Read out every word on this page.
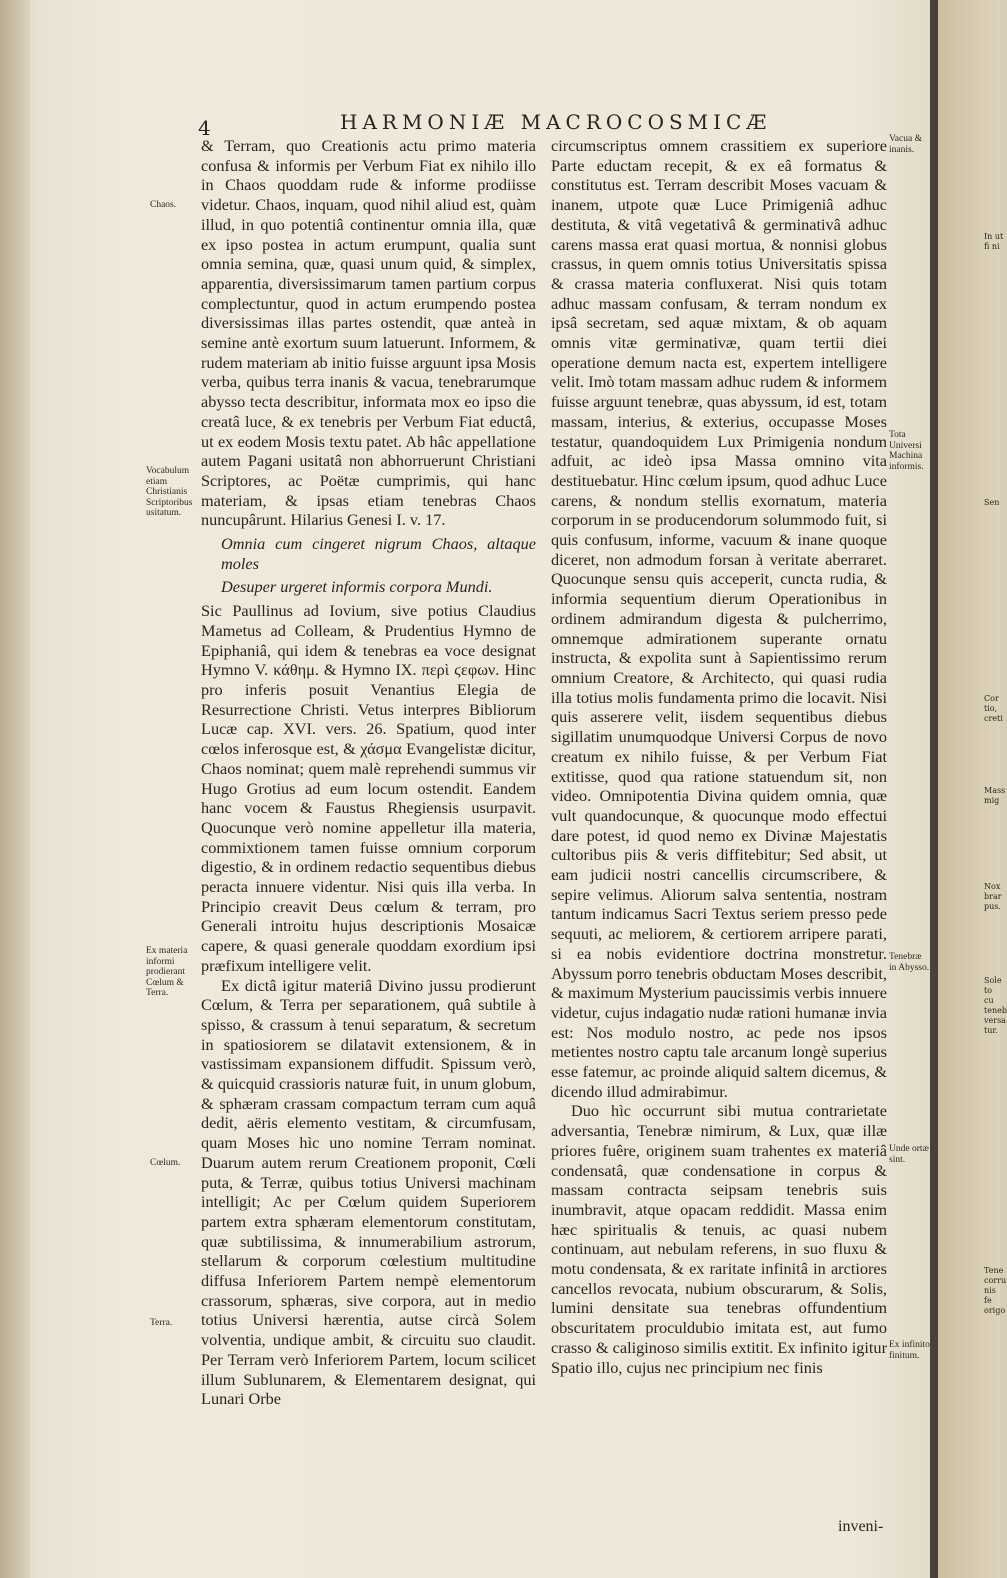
4	HARMONIÆ MACROCOSMICÆ
Chaos.
Vocabulum etiam Christianis Scriptoribus usitatum.
Ex materia informi prodierant Cœlum & Terra.
Cœlum.
Terra.
Vacua & inanis.
Tota Universi Machina informis.
Tenebræ in Abysso.
Unde ortæ sint.
Ex infinito finitum.

& Terram, quo Creationis actu primo materia confusa & informis per Verbum Fiat ex nihilo illo in Chaos quoddam rude & informe prodiisse videtur. Chaos, inquam, quod nihil aliud est, quàm illud, in quo potentiâ continentur omnia illa, quæ ex ipso postea in actum erumpunt, qualia sunt omnia semina, quæ, quasi unum quid, & simplex, apparentia, diversissimarum tamen partium corpus complectuntur, quod in actum erumpendo postea diversissimas illas partes ostendit, quæ anteà in semine antè exortum suum latuerunt. Informem, & rudem materiam ab initio fuisse arguunt ipsa Mosis verba, quibus terra inanis & vacua, tenebrarumque abysso tecta describitur, informata mox eo ipso die creatâ luce, & ex tenebris per Verbum Fiat eductâ, ut ex eodem Mosis textu patet. Ab hâc appellatione autem Pagani usitatâ non abhorruerunt Christiani Scriptores, ac Poëtæ cumprimis, qui hanc materiam, & ipsas etiam tenebras Chaos nuncupârunt. Hilarius Genesi I. v. 17.

Omnia cum cingeret nigrum Chaos, altaque moles

Desuper urgeret informis corpora Mundi.

Sic Paullinus ad Iovium, sive potius Claudius Mametus ad Colleam, & Prudentius Hymno de Epiphaniâ, qui idem & tenebras ea voce designat Hymno V. κάθημ. & Hymno IX. περὶ ϛεφων. Hinc pro inferis posuit Venantius Elegia de Resurrectione Christi. Vetus interpres Bibliorum Lucæ cap. XVI. vers. 26. Spatium, quod inter cœlos inferosque est, & χάσμα Evangelistæ dicitur, Chaos nominat; quem malè reprehendi summus vir Hugo Grotius ad eum locum ostendit. Eandem hanc vocem & Faustus Rhegiensis usurpavit. Quocunque verò nomine appelletur illa materia, commixtionem tamen fuisse omnium corporum digestio, & in ordinem redactio sequentibus diebus peracta innuere videntur. Nisi quis illa verba. In Principio creavit Deus cœlum & terram, pro Generali introitu hujus descriptionis Mosaicæ capere, & quasi generale quoddam exordium ipsi præfixum intelligere velit.

Ex dictâ igitur materiâ Divino jussu prodierunt Cœlum, & Terra per separationem, quâ subtile à spisso, & crassum à tenui separatum, & secretum in spatiosiorem se dilatavit extensionem, & in vastissimam expansionem diffudit. Spissum verò, & quicquid crassioris naturæ fuit, in unum globum, & sphæram crassam compactum terram cum aquâ dedit, aëris elemento vestitam, & circumfusam, quam Moses hìc uno nomine Terram nominat. Duarum autem rerum Creationem proponit, Cœli puta, & Terræ, quibus totius Universi machinam intelligit; Ac per Cœlum quidem Superiorem partem extra sphæram elementorum constitutam, quæ subtilissima, & innumerabilium astrorum, stellarum & corporum cœlestium multitudine diffusa Inferiorem Partem nempè elementorum crassorum, sphæras, sive corpora, aut in medio totius Universi hærentia, autse circà Solem volventia, undique ambit, & circuitu suo claudit. Per Terram verò Inferiorem Partem, locum scilicet illum Sublunarem, & Elementarem designat, qui Lunari Orbe

circumscriptus omnem crassitiem ex superiore Parte eductam recepit, & ex eâ formatus & constitutus est. Terram describit Moses vacuam & inanem, utpote quæ Luce Primigeniâ adhuc destituta, & vitâ vegetativâ & germinativâ adhuc carens massa erat quasi mortua, & nonnisi globus crassus, in quem omnis totius Universitatis spissa & crassa materia confluxerat. Nisi quis totam adhuc massam confusam, & terram nondum ex ipsâ secretam, sed aquæ mixtam, & ob aquam omnis vitæ germinativæ, quam tertii diei operatione demum nacta est, expertem intelligere velit. Imò totam massam adhuc rudem & informem fuisse arguunt tenebræ, quas abyssum, id est, totam massam, interius, & exterius, occupasse Moses testatur, quandoquidem Lux Primigenia nondum adfuit, ac ideò ipsa Massa omnino vita destituebatur. Hinc cœlum ipsum, quod adhuc Luce carens, & nondum stellis exornatum, materia corporum in se producendorum solummodo fuit, si quis confusum, informe, vacuum & inane quoque diceret, non admodum forsan à veritate aberraret. Quocunque sensu quis acceperit, cuncta rudia, & informia sequentium dierum Operationibus in ordinem admirandum digesta & pulcherrimo, omnemque admirationem superante ornatu instructa, & expolita sunt à Sapientissimo rerum omnium Creatore, & Architecto, qui quasi rudia illa totius molis fundamenta primo die locavit. Nisi quis asserere velit, iisdem sequentibus diebus sigillatim unumquodque Universi Corpus de novo creatum ex nihilo fuisse, & per Verbum Fiat extitisse, quod qua ratione statuendum sit, non video. Omnipotentia Divina quidem omnia, quæ vult quandocunque, & quocunque modo effectui dare potest, id quod nemo ex Divinæ Majestatis cultoribus piis & veris diffitebitur; Sed absit, ut eam judicii nostri cancellis circumscribere, & sepire velimus. Aliorum salva sententia, nostram tantum indicamus Sacri Textus seriem presso pede sequuti, ac meliorem, & certiorem arripere parati, si ea nobis evidentiore doctrina monstretur. Abyssum porro tenebris obductam Moses describit, & maximum Mysterium paucissimis verbis innuere videtur, cujus indagatio nudæ rationi humanæ invia est: Nos modulo nostro, ac pede nos ipsos metientes nostro captu tale arcanum longè superius esse fatemur, ac proinde aliquid saltem dicemus, & dicendo illud admirabimur.

Duo hìc occurrunt sibi mutua contrarietate adversantia, Tenebræ nimirum, & Lux, quæ illæ priores fuêre, originem suam trahentes ex materiâ condensatâ, quæ condensatione in corpus & massam contracta seipsam tenebris suis inumbravit, atque opacam reddidit. Massa enim hæc spiritualis & tenuis, ac quasi nubem continuam, aut nebulam referens, in suo fluxu & motu condensata, & ex raritate infinitâ in arctiores cancellos revocata, nubium obscurarum, & Solis, lumini densitate sua tenebras offundentium obscuritatem proculdubio imitata est, aut fumo crasso & caliginoso similis extitit. Ex infinito igitur Spatio illo, cujus nec principium nec finis

inveni-
In ut fi ni
Sen
Cor tio, creti
Mass mig
Nox brar pus.
Sole to cu teneb versa tur.
Tene corru nis fe origo
